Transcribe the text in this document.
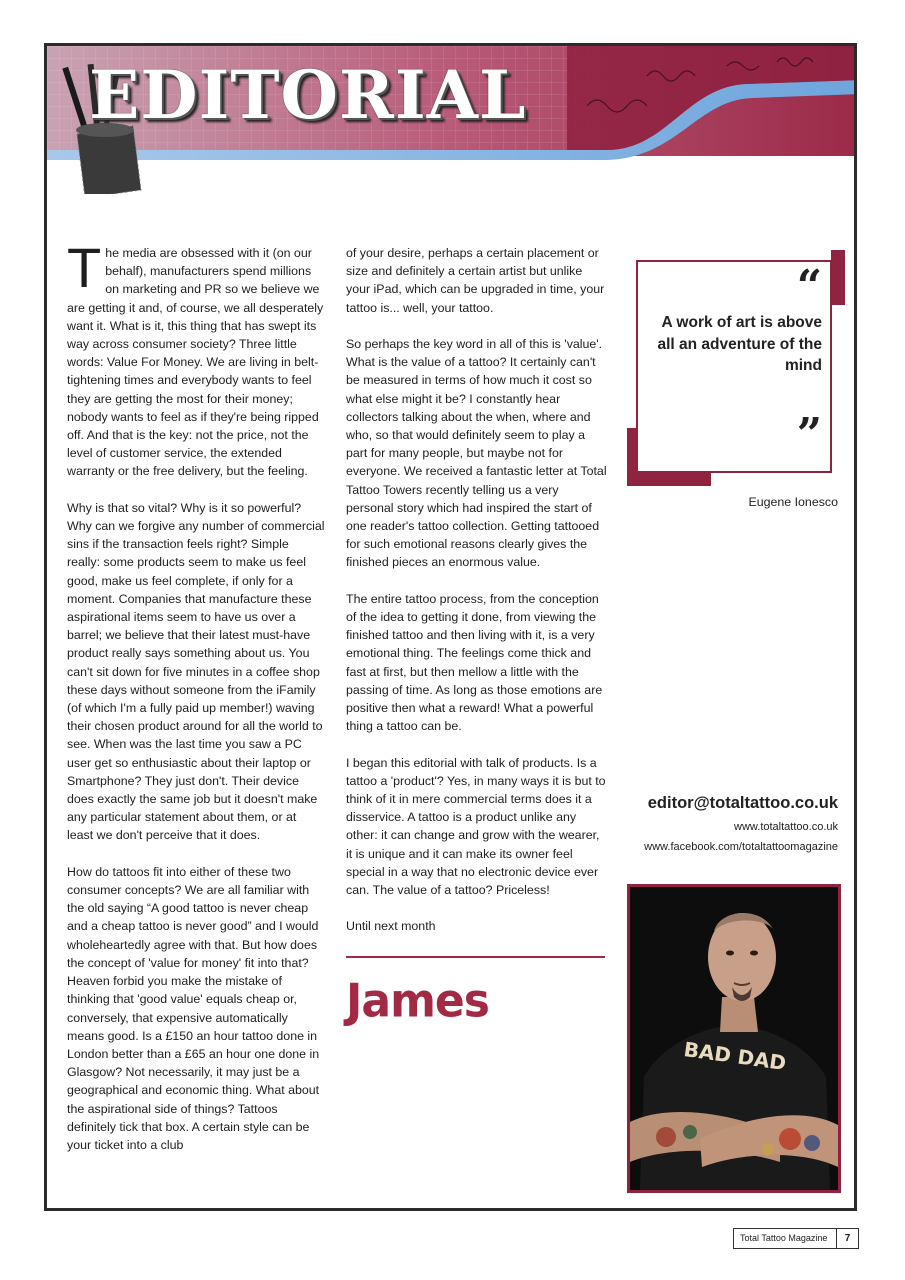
EDITORIAL

The media are obsessed with it (on our behalf), manufacturers spend millions on marketing and PR so we believe we are getting it and, of course, we all desperately want it. What is it, this thing that has swept its way across consumer society? Three little words: Value For Money. We are living in belt-tightening times and everybody wants to feel they are getting the most for their money; nobody wants to feel as if they're being ripped off. And that is the key: not the price, not the level of customer service, the extended warranty or the free delivery, but the feeling.

Why is that so vital? Why is it so powerful? Why can we forgive any number of commercial sins if the transaction feels right? Simple really: some products seem to make us feel good, make us feel complete, if only for a moment. Companies that manufacture these aspirational items seem to have us over a barrel; we believe that their latest must-have product really says something about us. You can't sit down for five minutes in a coffee shop these days without someone from the iFamily (of which I'm a fully paid up member!) waving their chosen product around for all the world to see. When was the last time you saw a PC user get so enthusiastic about their laptop or Smartphone? They just don't. Their device does exactly the same job but it doesn't make any particular statement about them, or at least we don't perceive that it does.

How do tattoos fit into either of these two consumer concepts? We are all familiar with the old saying “A good tattoo is never cheap and a cheap tattoo is never good” and I would wholeheartedly agree with that. But how does the concept of 'value for money' fit into that? Heaven forbid you make the mistake of thinking that 'good value' equals cheap or, conversely, that expensive automatically means good. Is a £150 an hour tattoo done in London better than a £65 an hour one done in Glasgow? Not necessarily, it may just be a geographical and economic thing. What about the aspirational side of things? Tattoos definitely tick that box. A certain style can be your ticket into a club

of your desire, perhaps a certain placement or size and definitely a certain artist but unlike your iPad, which can be upgraded in time, your tattoo is... well, your tattoo.

So perhaps the key word in all of this is 'value'. What is the value of a tattoo? It certainly can't be measured in terms of how much it cost so what else might it be? I constantly hear collectors talking about the when, where and who, so that would definitely seem to play a part for many people, but maybe not for everyone. We received a fantastic letter at Total Tattoo Towers recently telling us a very personal story which had inspired the start of one reader's tattoo collection. Getting tattooed for such emotional reasons clearly gives the finished pieces an enormous value.

The entire tattoo process, from the conception of the idea to getting it done, from viewing the finished tattoo and then living with it, is a very emotional thing. The feelings come thick and fast at first, but then mellow a little with the passing of time. As long as those emotions are positive then what a reward! What a powerful thing a tattoo can be.

I began this editorial with talk of products. Is a tattoo a 'product'? Yes, in many ways it is but to think of it in mere commercial terms does it a disservice. A tattoo is a product unlike any other: it can change and grow with the wearer, it is unique and it can make its owner feel special in a way that no electronic device ever can. The value of a tattoo? Priceless!

Until next month

James
“
A work of art is above all an adventure of the mind
”
Eugene Ionesco
editor@totaltattoo.co.uk
www.totaltattoo.co.uk
www.facebook.com/totaltattoomagazine
BAD DAD
Total Tattoo Magazine	7
